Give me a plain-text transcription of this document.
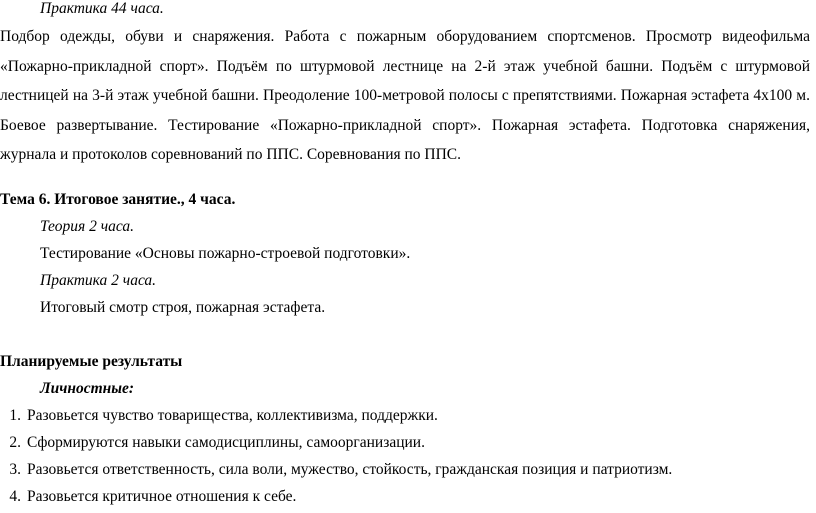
Практика 44 часа.
Подбор одежды, обуви и снаряжения. Работа с пожарным оборудованием спортсменов. Просмотр видеофильма
«Пожарно-прикладной спорт». Подъём по штурмовой лестнице на 2-й этаж учебной башни. Подъём с штурмовой
лестницей на 3-й этаж учебной башни. Преодоление 100-метровой полосы с препятствиями. Пожарная эстафета 4х100 м.
Боевое развертывание. Тестирование «Пожарно-прикладной спорт». Пожарная эстафета. Подготовка снаряжения,
журнала и протоколов соревнований по ППС. Соревнования по ППС.
Тема 6. Итоговое занятие., 4 часа.
Теория 2 часа.
Тестирование «Основы пожарно-строевой подготовки».
Практика 2 часа.
Итоговый смотр строя, пожарная эстафета.
Планируемые результаты
Личностные:
1. Разовьется чувство товарищества, коллективизма, поддержки.
2. Сформируются навыки самодисциплины, самоорганизации.
3. Разовьется ответственность, сила воли, мужество, стойкость, гражданская позиция и патриотизм.
4. Разовьется критичное отношения к себе.
